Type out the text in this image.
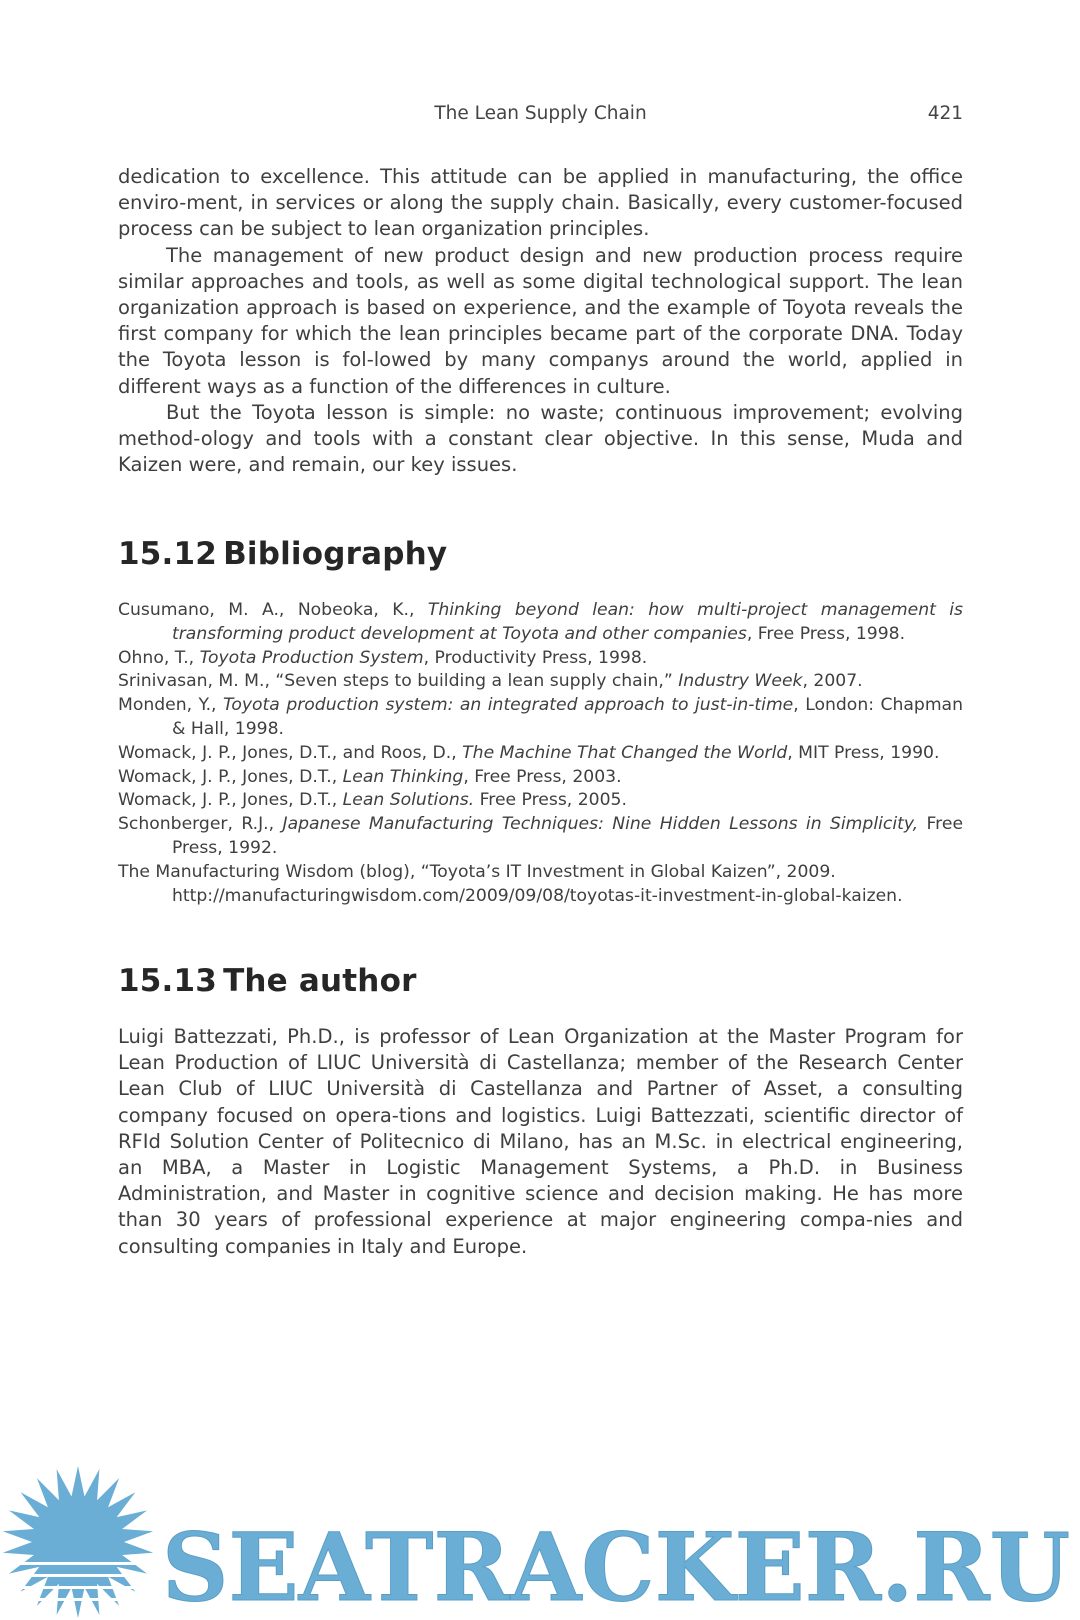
The Lean Supply Chain	421

dedication to excellence. This attitude can be applied in manufacturing, the office enviro-ment, in services or along the supply chain. Basically, every customer-focused process can be subject to lean organization principles.

The management of new product design and new production process require similar approaches and tools, as well as some digital technological support. The lean organization approach is based on experience, and the example of Toyota reveals the first company for which the lean principles became part of the corporate DNA. Today the Toyota lesson is fol-lowed by many companys around the world, applied in different ways as a function of the differences in culture.

But the Toyota lesson is simple: no waste; continuous improvement; evolving method-ology and tools with a constant clear objective. In this sense, Muda and Kaizen were, and remain, our key issues.

15.12 Bibliography
Cusumano, M. A., Nobeoka, K., Thinking beyond lean: how multi-project management is transforming product development at Toyota and other companies, Free Press, 1998.
Ohno, T., Toyota Production System, Productivity Press, 1998.
Srinivasan, M. M., “Seven steps to building a lean supply chain,” Industry Week, 2007.
Monden, Y., Toyota production system: an integrated approach to just-in-time, London: Chapman & Hall, 1998.
Womack, J. P., Jones, D.T., and Roos, D., The Machine That Changed the World, MIT Press, 1990.
Womack, J. P., Jones, D.T., Lean Thinking, Free Press, 2003.
Womack, J. P., Jones, D.T., Lean Solutions. Free Press, 2005.
Schonberger, R.J., Japanese Manufacturing Techniques: Nine Hidden Lessons in Simplicity, Free Press, 1992.
The Manufacturing Wisdom (blog), “Toyota’s IT Investment in Global Kaizen”, 2009.
http://manufacturingwisdom.com/2009/09/08/toyotas-it-investment-in-global-kaizen.
15.13 The author

Luigi Battezzati, Ph.D., is professor of Lean Organization at the Master Program for Lean Production of LIUC Università di Castellanza; member of the Research Center Lean Club of LIUC Università di Castellanza and Partner of Asset, a consulting company focused on opera-tions and logistics. Luigi Battezzati, scientific director of RFId Solution Center of Politecnico di Milano, has an M.Sc. in electrical engineering, an MBA, a Master in Logistic Management Systems, a Ph.D. in Business Administration, and Master in cognitive science and decision making. He has more than 30 years of professional experience at major engineering compa-nies and consulting companies in Italy and Europe.

SEATRACKER.RU
